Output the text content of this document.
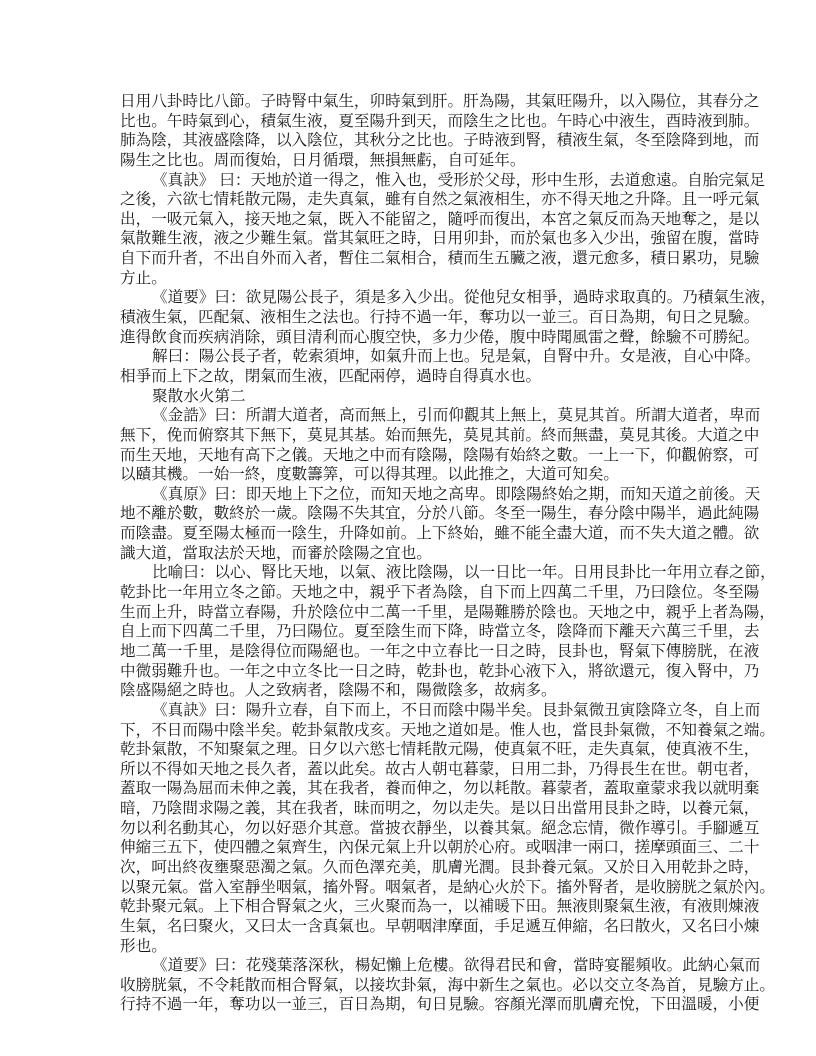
日用八卦時比八節。子時腎中氣生，卯時氣到肝。肝為陽，其氣旺陽升，以入陽位，其春分之
比也。午時氣到心，積氣生液，夏至陽升到天，而陰生之比也。午時心中液生，酉時液到肺。
肺為陰，其液盛陰降，以入陰位，其秋分之比也。子時液到腎，積液生氣，冬至陰降到地，而
陽生之比也。周而復始，日月循環，無損無虧，自可延年。
《真訣》 曰：天地於道一得之，惟入也，受形於父母，形中生形，去道愈遠。自胎完氣足
之後，六欲七情耗散元陽，走失真氣，雖有自然之氣液相生，亦不得天地之升降。且一呼元氣
出，一吸元氣入，接天地之氣，既入不能留之，隨呼而復出，本宮之氣反而為天地奪之，是以
氣散難生液，液之少難生氣。當其氣旺之時，日用卯卦，而於氣也多入少出，強留在腹，當時
自下而升者，不出自外而入者，暫住二氣相合，積而生五臟之液，還元愈多，積日累功，見驗
方止。
《道要》曰：欲見陽公長子，須是多入少出。從他兒女相爭，過時求取真的。乃積氣生液，
積液生氣，匹配氣、液相生之法也。行持不過一年，奪功以一並三。百日為期，旬日之見驗。
進得飲食而疾病消除，頭目清利而心腹空快，多力少倦，腹中時聞風雷之聲，餘驗不可勝紀。
解曰：陽公長子者，乾索須坤，如氣升而上也。兒是氣，自腎中升。女是液，自心中降。
相爭而上下之故，閉氣而生液，匹配兩停，過時自得真水也。
聚散水火第二
《金誥》曰：所謂大道者，高而無上，引而仰觀其上無上，莫見其首。所謂大道者，卑而
無下，俛而俯察其下無下，莫見其基。始而無先，莫見其前。終而無盡，莫見其後。大道之中
而生天地，天地有高下之儀。天地之中而有陰陽，陰陽有始終之數。一上一下，仰觀俯察，可
以賾其機。一始一終，度數籌筭，可以得其理。以此推之，大道可知矣。
《真原》曰：即天地上下之位，而知天地之高卑。即陰陽終始之期，而知天道之前後。天
地不離於數，數終於一歲。陰陽不失其宜，分於八節。冬至一陽生，春分陰中陽半，過此純陽
而陰盡。夏至陽太極而一陰生，升降如前。上下終始，雖不能全盡大道，而不失大道之體。欲
識大道，當取法於天地，而審於陰陽之宜也。
比喻曰：以心、腎比天地，以氣、液比陰陽，以一日比一年。日用艮卦比一年用立春之節，
乾卦比一年用立冬之節。天地之中，親乎下者為陰，自下而上四萬二千里，乃曰陰位。冬至陽
生而上升，時當立春陽，升於陰位中二萬一千里，是陽難勝於陰也。天地之中，親乎上者為陽，
自上而下四萬二千里，乃曰陽位。夏至陰生而下降，時當立冬，陰降而下離天六萬三千里，去
地二萬一千里，是陰得位而陽絕也。一年之中立春比一日之時，艮卦也，腎氣下傳膀胱，在液
中微弱難升也。一年之中立冬比一日之時，乾卦也，乾卦心液下入，將欲還元，復入腎中，乃
陰盛陽絕之時也。人之致病者，陰陽不和，陽微陰多，故病多。
《真訣》曰：陽升立春，自下而上，不日而陰中陽半矣。艮卦氣微丑寅陰降立冬，自上而
下，不日而陽中陰半矣。乾卦氣散戌亥。天地之道如是。惟人也，當艮卦氣微，不知養氣之端。
乾卦氣散，不知聚氣之理。日夕以六慾七情耗散元陽，使真氣不旺，走失真氣，使真液不生，
所以不得如天地之長久者，蓋以此矣。故古人朝屯暮蒙，日用二卦，乃得長生在世。朝屯者，
蓋取一陽為屈而未伸之義，其在我者，養而伸之，勿以耗散。暮蒙者，蓋取童蒙求我以就明棄
暗，乃陰間求陽之義，其在我者，昧而明之，勿以走失。是以日出當用艮卦之時，以養元氣，
勿以利名動其心，勿以好惡介其意。當披衣靜坐，以養其氣。絕念忘情，微作導引。手腳遞互
伸縮三五下，使四體之氣齊生，內保元氣上升以朝於心府。或咽津一兩口，搓摩頭面三、二十
次，呵出終夜壅聚惡濁之氣。久而色澤充美，肌膚光潤。艮卦養元氣。又於日入用乾卦之時，
以聚元氣。當入室靜坐咽氣，搐外腎。咽氣者，是納心火於下。搐外腎者，是收膀胱之氣於內。
乾卦聚元氣。上下相合腎氣之火，三火聚而為一，以補暖下田。無液則聚氣生液，有液則煉液
生氣，名曰聚火，又曰太一含真氣也。早朝咽津摩面，手足遞互伸縮，名曰散火，又名曰小煉
形也。
《道要》曰：花殘葉落深秋，楊妃懶上危樓。欲得君民和會，當時宴罷頻收。此納心氣而
收膀胱氣，不令耗散而相合腎氣，以接坎卦氣，海中新生之氣也。必以交立冬為首，見驗方止。
行持不過一年，奪功以一並三，百日為期，旬日見驗。容顏光澤而肌膚充悅，下田溫暖，小便
